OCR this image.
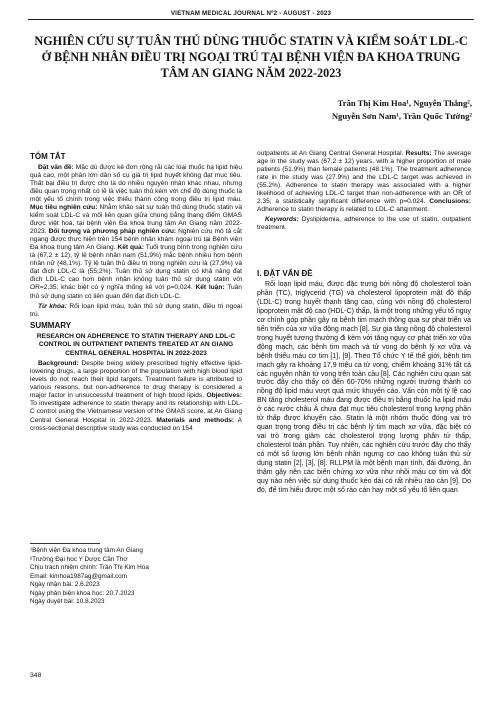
VIETNAM MEDICAL JOURNAL Nº2 - AUGUST - 2023
NGHIÊN CỨU SỰ TUÂN THỦ DÙNG THUỐC STATIN VÀ KIỂM SOÁT LDL-C Ở BỆNH NHÂN ĐIỀU TRỊ NGOẠI TRÚ TẠI BỆNH VIỆN ĐA KHOA TRUNG TÂM AN GIANG NĂM 2022-2023
Trần Thị Kim Hoa¹, Nguyễn Thắng²,
Nguyễn Sơn Nam¹, Trần Quốc Tường²
TÓM TẮT

Đặt vấn đề: Mặc dù được kê đơn rộng rãi các loại thuốc hạ lipid hiệu quả cao, một phần lớn dân số cụ già trị lipid huyết không đạt mục tiêu. Thất bại điều trị được cho là do nhiều nguyên nhân khác nhau, nhưng điều quan trọng nhất có lẽ là việc tuân thủ kém với chế độ dùng thuốc là một yếu tố chính trong việc thiếu thành công trong điều trị lipid máu. Mục tiêu nghiên cứu: Nhằm khảo sát sự tuân thủ dùng thuốc statin và kiểm soát LDL-C và mối liên quan giữa chúng bằng thang điểm GMAS được việt hoá, tại bệnh viện Đa khoa trung tâm An Giang năm 2022-2023. Đối tượng và phương pháp nghiên cứu: Nghiên cứu mô tả cắt ngang được thực hiện trên 154 bệnh nhân khám ngoại trú tại Bệnh viện Đa khoa trung tâm An Giang. Kết quả: Tuổi trung bình trong nghiên cứu là (67,2 ± 12), tỷ lệ bệnh nhân nam (51,9%) mắc bệnh nhiều hơn bệnh nhân nữ (48,1%). Tỷ lệ tuân thủ điều trị trong nghiên cứu là (27,9%) và đạt đích LDL-C là (55,2%). Tuân thủ sử dụng statin có khả năng đạt đích LDL-C cao hơn bệnh nhân không tuân thủ sử dụng statin với OR=2,35; khác biệt có ý nghĩa thống kê với p=0,024. Kết luận: Tuân thủ sử dụng statin có liên quan đến đạt đích LDL-C.

Từ khóa: Rối loạn lipid máu, tuân thủ sử dụng statin, điều trị ngoại trú.

SUMMARY
RESEARCH ON ADHERENCE TO STATIN THERAPY AND LDL-C CONTROL IN OUTPATIENT PATIENTS TREATED AT AN GIANG CENTRAL GENERAL HOSPITAL IN 2022-2023

Background: Despite being widely prescribed highly effective lipid-lowering drugs, a large proportion of the population with high blood lipid levels do not reach their lipid targets. Treatment failure is attributed to various reasons, but non-adherence to drug therapy is considered a major factor in unsuccessful treatment of high blood lipids. Objectives: To investigate adherence to statin therapy and its relationship with LDL-C control using the Vietnamese version of the GMAS score, at An Giang Central General Hospital in 2022-2023. Materials and methods: A cross-sectional descriptive study was conducted on 154

outpatients at An Giang Central General Hospital. Results: The average age in the study was (67.2 ± 12) years, with a higher proportion of male patients (51.9%) than female patients (48.1%). The treatment adherence rate in the study was (27.9%) and the LDL-C target was achieved in (55.2%). Adherence to statin therapy was associated with a higher likelihood of achieving LDL-C target than non-adherence with an OR of 2.35; a statistically significant difference with p=0.024. Conclusions: Adherence to statin therapy is related to LDL-C attainment.

Keywords: Dyslipidemia, adherence to the use of statin, outpatient treatment.

I. ĐẶT VẤN ĐỀ

Rối loạn lipid máu, được đặc trưng bởi nồng độ cholesterol toàn phần (TC), triglycerid (TG) và cholesterol lipoprotein mật độ thấp (LDL-C) trong huyết thanh tăng cao, cùng với nồng độ cholesterol lipoprotein mật độ cao (HDL-C) thấp, là một trong những yếu tố nguy cơ chính góp phần gây ra bệnh tim mạch thông qua sự phát triển và tiến triển của xơ vữa động mạch [8]. Sự gia tăng nồng độ cholesterol trong huyết tương thường đi kèm với tăng nguy cơ phát triển xơ vữa động mạch, các bệnh tim mạch và tử vong do bệnh lý xơ vữa và bệnh thiếu máu cơ tim [1], [9]. Theo Tổ chức Y tế thế giới, bệnh tim mạch gây ra khoảng 17,9 triệu ca tử vong, chiếm khoảng 31% tất cả các nguyên nhân tử vong trên toàn cầu [8]. Các nghiên cứu quan sát trước đây cho thấy có đến 60-70% những người trưởng thành có nồng độ lipid máu vượt quá mức khuyến cáo. Vấn còn một tỷ lệ cao BN tăng cholesterol máu đang được điều trị bằng thuốc hạ lipid máu ở các nước châu Á chưa đạt mục tiêu cholesterol trong lượng phân tử thấp được khuyến cáo. Statin là một nhóm thuốc đóng vai trò quan trọng trong điều trị các bệnh lý tim mạch xơ vữa, đặc biệt có vai trò trong giảm các cholesterol trọng lượng phân tử thấp, cholesterol toàn phần. Tuy nhiên, các nghiên cứu trước đây cho thấy có một số lượng lớn bệnh nhân ngưng cơ cao không tuân thủ sử dụng statin [2], [3], [8]. RLLPM là một bệnh mạn tính, đái đường, ăn thậm gây nên các biến chứng xơ vữa như nhồi máu cơ tim và đột quỵ nào nên việc sử dụng thuốc kéo dài có rất nhiều rào cản [9]. Do đó, để tìm hiểu được một số rào cản hay một số yếu tố liên quan

¹Bệnh viện Đa khoa trung tâm An Giang
²Trường Đại học Y Dược Cần Thơ
Chịu trách nhiệm chính: Trần Thị Kim Hoa
Email: kimhoa1987ag@gmail.com
Ngày nhận bài: 2.6.2023
Ngày phản biện khoa học: 20.7.2023
Ngày duyệt bài: 10.8.2023
348
